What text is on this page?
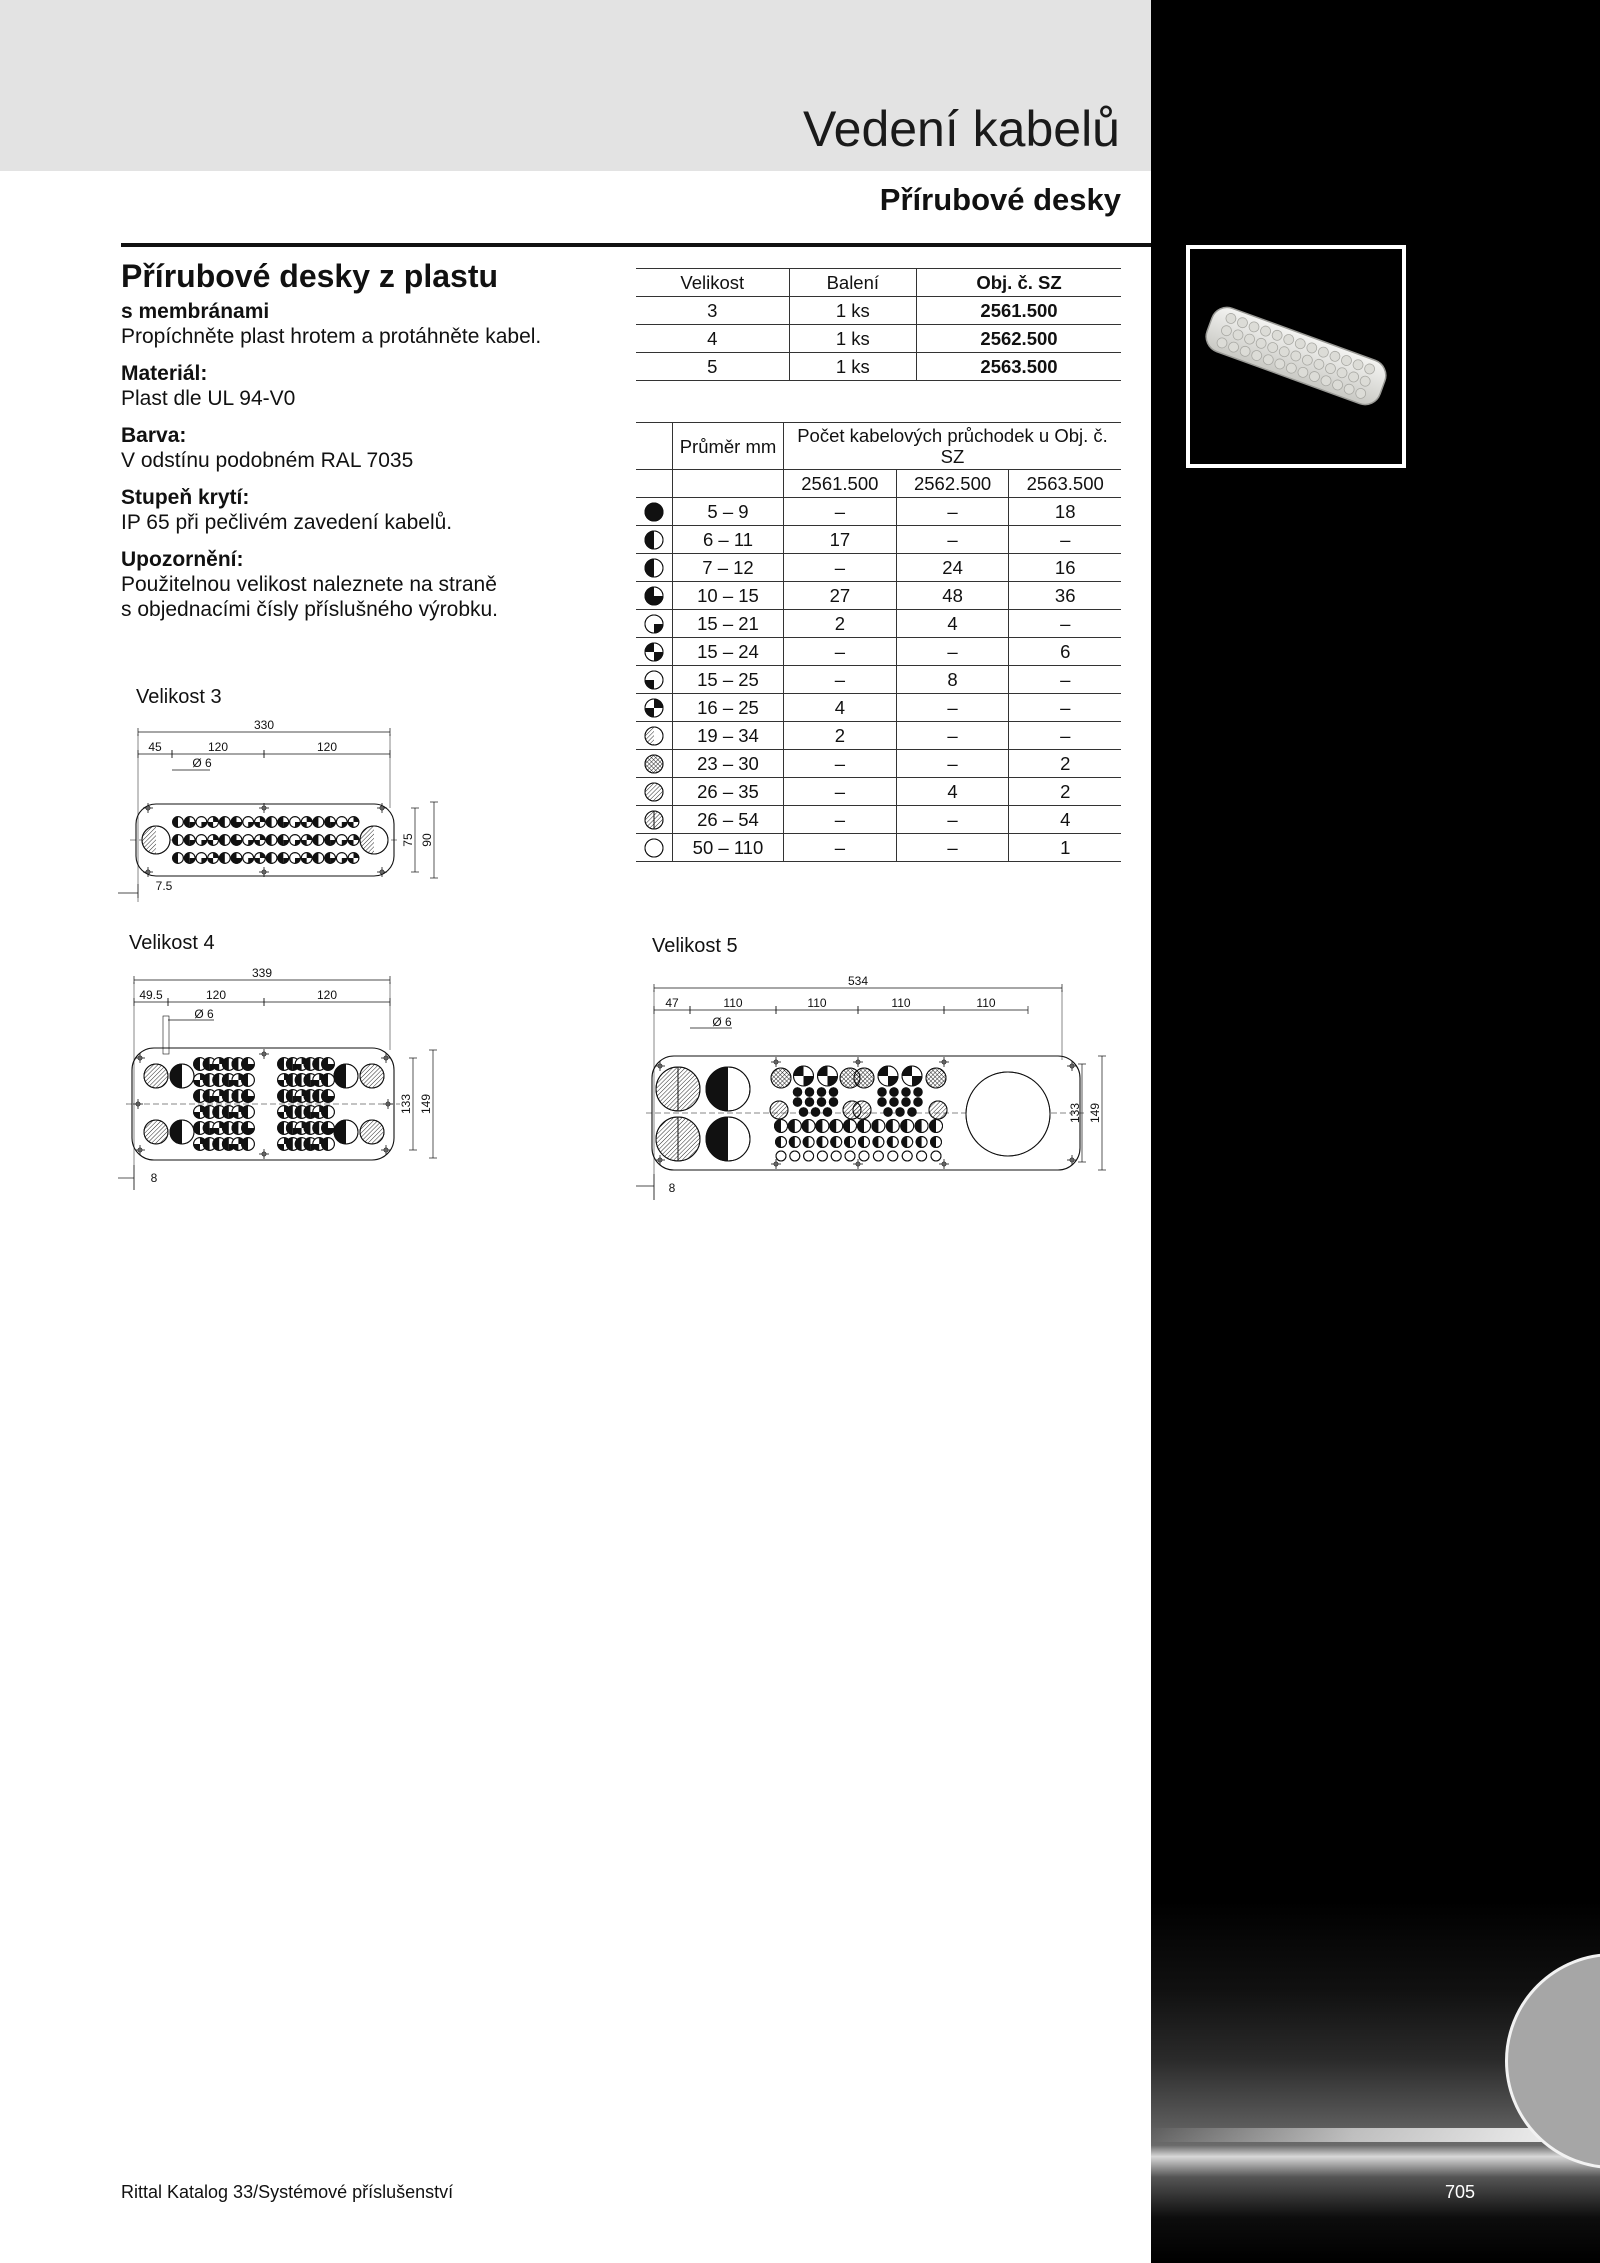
Vedení kabelů
Přírubové desky
Přírubové desky z plastu
s membránami
Propíchněte plast hrotem a protáhněte kabel.
Materiál:
Plast dle UL 94-V0
Barva:
V odstínu podobném RAL 7035
Stupeň krytí:
IP 65 při pečlivém zavedení kabelů.
Upozornění:
Použitelnou velikost naleznete na straně
s objednacími čísly příslušného výrobku.
Velikost	Balení	Obj. č. SZ
3	1 ks	2561.500
4	1 ks	2562.500
5	1 ks	2563.500
	Průměr mm	Počet kabelových průchodek u Obj. č. SZ		
		2561.500	2562.500	2563.500

	5 – 9	–	–	18

	6 – 11	17	–	–

	7 – 12	–	24	16

	10 – 15	27	48	36

	15 – 21	2	4	–

	15 – 24	–	–	6

	15 – 25	–	8	–

	16 – 25	4	–	–

	19 – 34	2	–	–

	23 – 30	–	–	2

	26 – 35	–	4	2

	26 – 54	–	–	4

	50 – 110	–	–	1
Velikost 3
330
45	120	120
Ø 6
75 90
7.5
Velikost 4
339
49.5	120	120
Ø 6
133 149
8
Velikost 5
534
47	110	110	110	110
Ø 6
133 149
8
Rittal Katalog 33/Systémové příslušenství	705
